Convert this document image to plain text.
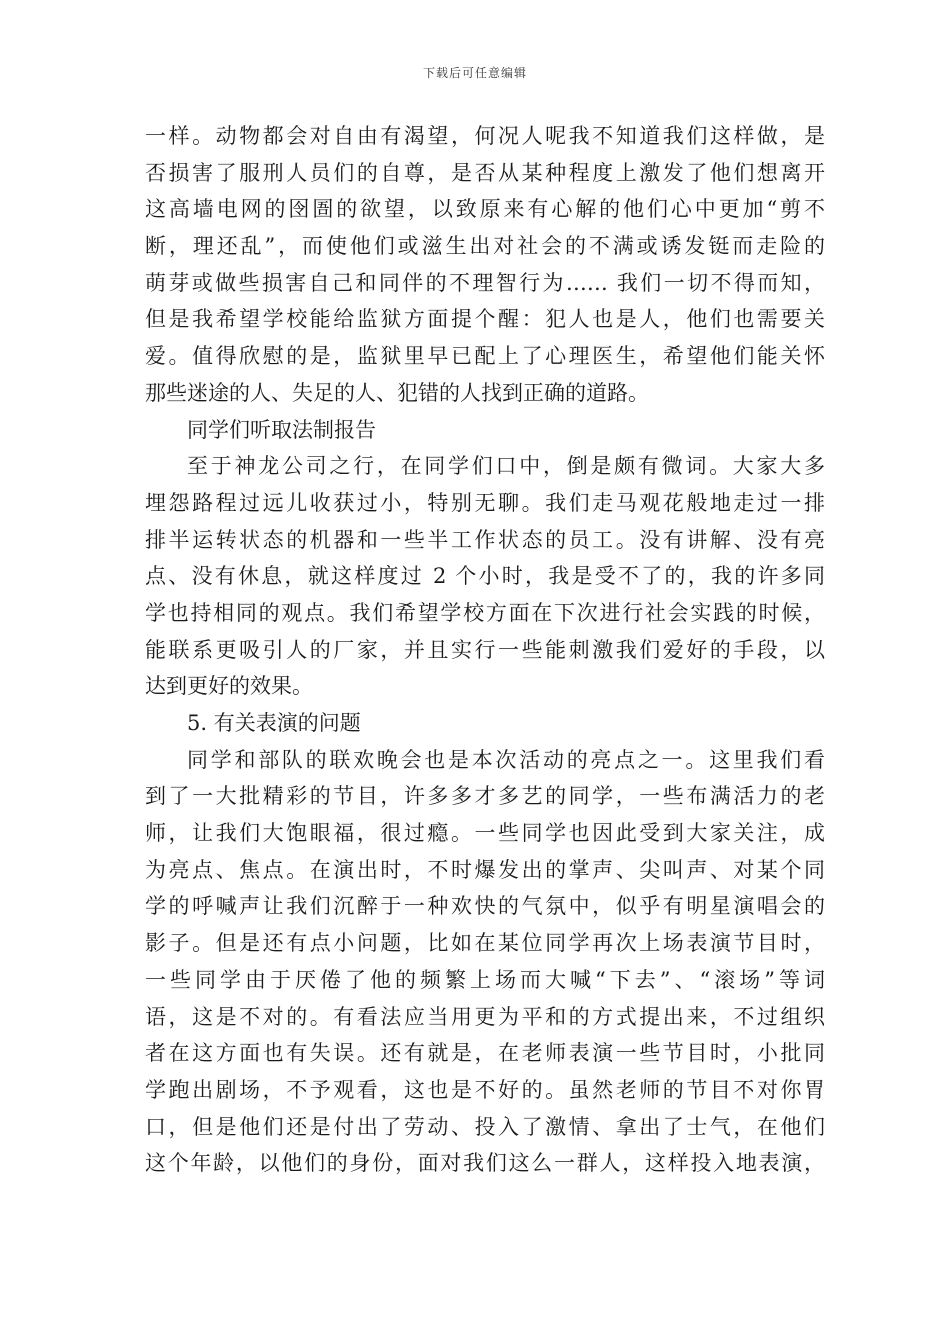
下载后可任意编辑
一样。动物都会对自由有渴望，何况人呢我不知道我们这样做，是
否损害了服刑人员们的自尊，是否从某种程度上激发了他们想离开
这高墙电网的囹圄的欲望，以致原来有心解的他们心中更加“剪不
断，理还乱”，而使他们或滋生出对社会的不满或诱发铤而走险的
萌芽或做些损害自己和同伴的不理智行为…… 我们一切不得而知，
但是我希望学校能给监狱方面提个醒：犯人也是人，他们也需要关
爱。值得欣慰的是，监狱里早已配上了心理医生，希望他们能关怀
那些迷途的人、失足的人、犯错的人找到正确的道路。
同学们听取法制报告
至于神龙公司之行，在同学们口中，倒是颇有微词。大家大多
埋怨路程过远儿收获过小，特别无聊。我们走马观花般地走过一排
排半运转状态的机器和一些半工作状态的员工。没有讲解、没有亮
点、没有休息，就这样度过 2 个小时，我是受不了的，我的许多同
学也持相同的观点。我们希望学校方面在下次进行社会实践的时候，
能联系更吸引人的厂家，并且实行一些能刺激我们爱好的手段，以
达到更好的效果。
5. 有关表演的问题
同学和部队的联欢晚会也是本次活动的亮点之一。这里我们看
到了一大批精彩的节目，许多多才多艺的同学，一些布满活力的老
师，让我们大饱眼福，很过瘾。一些同学也因此受到大家关注，成
为亮点、焦点。在演出时，不时爆发出的掌声、尖叫声、对某个同
学的呼喊声让我们沉醉于一种欢快的气氛中，似乎有明星演唱会的
影子。但是还有点小问题，比如在某位同学再次上场表演节目时，
一些同学由于厌倦了他的频繁上场而大喊“下去”、“滚场”等词
语，这是不对的。有看法应当用更为平和的方式提出来，不过组织
者在这方面也有失误。还有就是，在老师表演一些节目时，小批同
学跑出剧场，不予观看，这也是不好的。虽然老师的节目不对你胃
口，但是他们还是付出了劳动、投入了激情、拿出了士气，在他们
这个年龄，以他们的身份，面对我们这么一群人，这样投入地表演，
